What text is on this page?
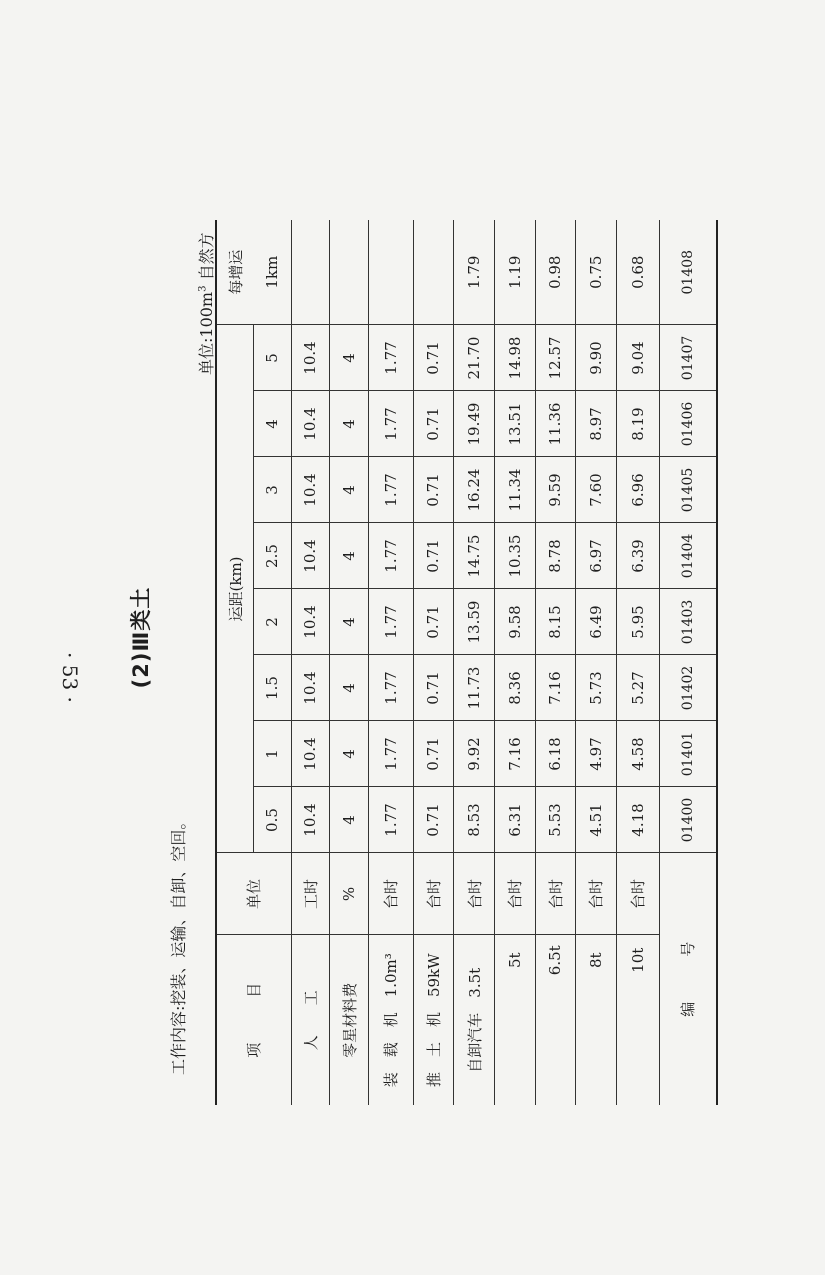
(2)Ⅲ类土
工作内容:挖装、运输、自卸、空回。
单位$:100m^3$ 自然方
项　　　目	单位	运距(km)								每增运
		0.5	1	1.5	2	2.5	3	4	5	1km
人　　工	工时	10.4	10.4	10.4	10.4	10.4	10.4	10.4	10.4	
零星材料费	%	4	4	4	4	4	4	4	4	
装　载　机　1.0m³	台时	1.77	1.77	1.77	1.77	1.77	1.77	1.77	1.77	
推　土　机　59kW	台时	0.71	0.71	0.71	0.71	0.71	0.71	0.71	0.71	
自卸汽车　3.5t	台时	8.53	9.92	11.73	13.59	14.75	16.24	19.49	21.70	1.79
5t	台时	6.31	7.16	8.36	9.58	10.35	11.34	13.51	14.98	1.19
6.5t	台时	5.53	6.18	7.16	8.15	8.78	9.59	11.36	12.57	0.98
8t	台时	4.51	4.97	5.73	6.49	6.97	7.60	8.97	9.90	0.75
10t	台时	4.18	4.58	5.27	5.95	6.39	6.96	8.19	9.04	0.68
编　　　号		01400	01401	01402	01403	01404	01405	01406	01407	01408
· 53 ·
